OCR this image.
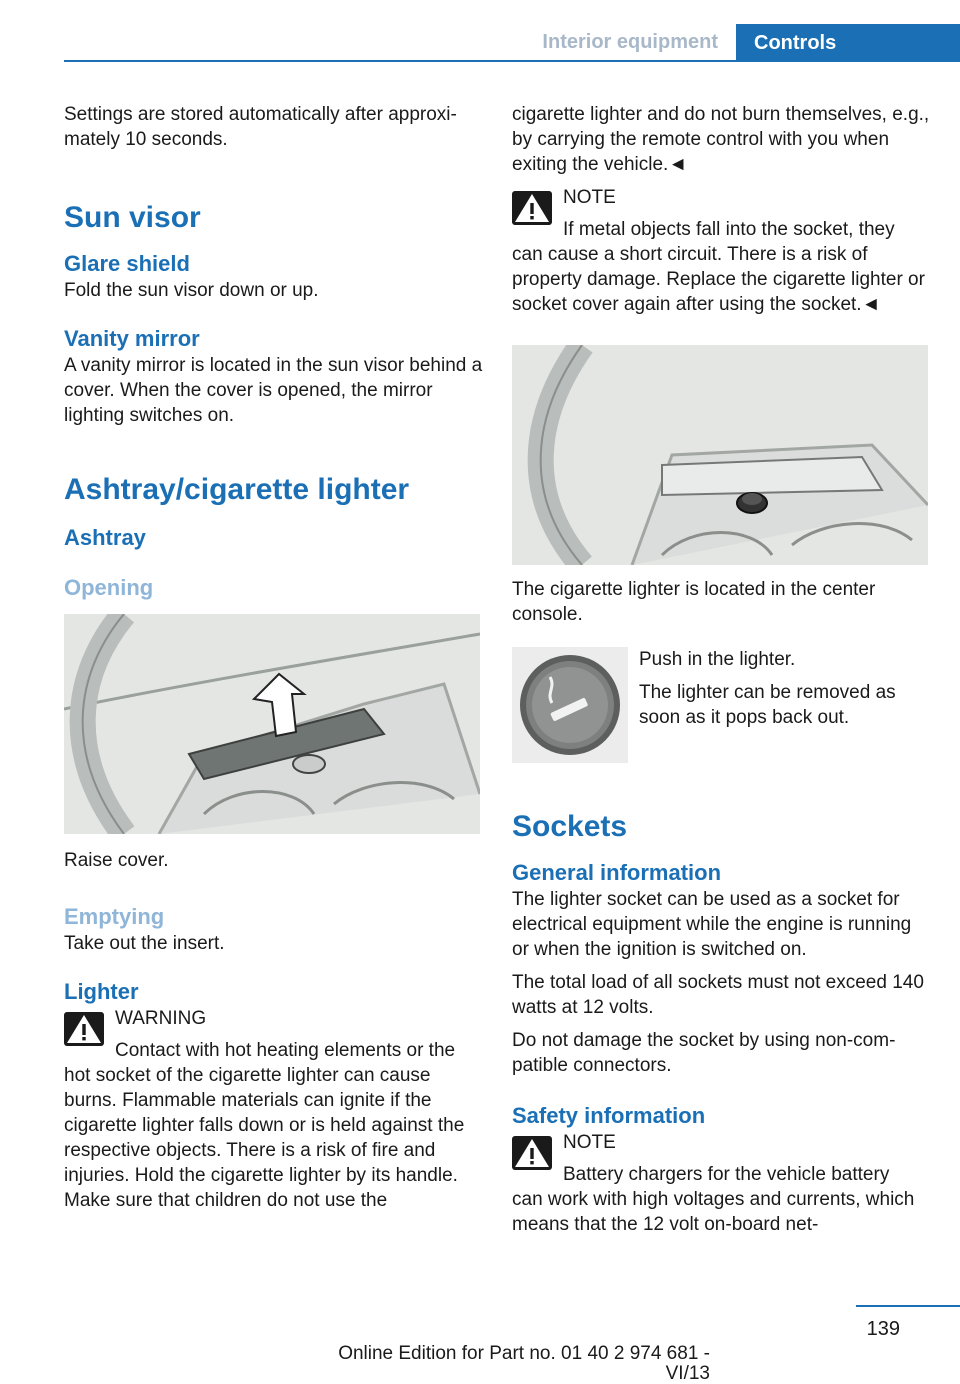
Interior equipment	Controls

Settings are stored automatically after approximately 10 seconds.

Sun visor
Glare shield

Fold the sun visor down or up.

Vanity mirror

A vanity mirror is located in the sun visor behind a cover. When the cover is opened, the mirror lighting switches on.

Ashtray/cigarette lighter
Ashtray
Opening

Raise cover.

Emptying

Take out the insert.

Lighter

WARNING

Contact with hot heating elements or the
hot socket of the cigarette lighter can cause burns. Flammable materials can ignite if the cigarette lighter falls down or is held against the respective objects. There is a risk of fire and injuries. Hold the cigarette lighter by its handle. Make sure that children do not use the

cigarette lighter and do not burn themselves, e.g., by carrying the remote control with you when exiting the vehicle.◄

NOTE

If metal objects fall into the socket, they
can cause a short circuit. There is a risk of property damage. Replace the cigarette lighter or socket cover again after using the socket.◄

The cigarette lighter is located in the center console.

Push in the lighter.

The lighter can be removed as soon as it pops back out.

Sockets
General information

The lighter socket can be used as a socket for electrical equipment while the engine is running or when the ignition is switched on.

The total load of all sockets must not exceed 140 watts at 12 volts.

Do not damage the socket by using non-compatible connectors.

Safety information

NOTE

Battery chargers for the vehicle battery
can work with high voltages and currents, which means that the 12 volt on-board net-

139
Online Edition for Part no. 01 40 2 974 681 - VI/13
